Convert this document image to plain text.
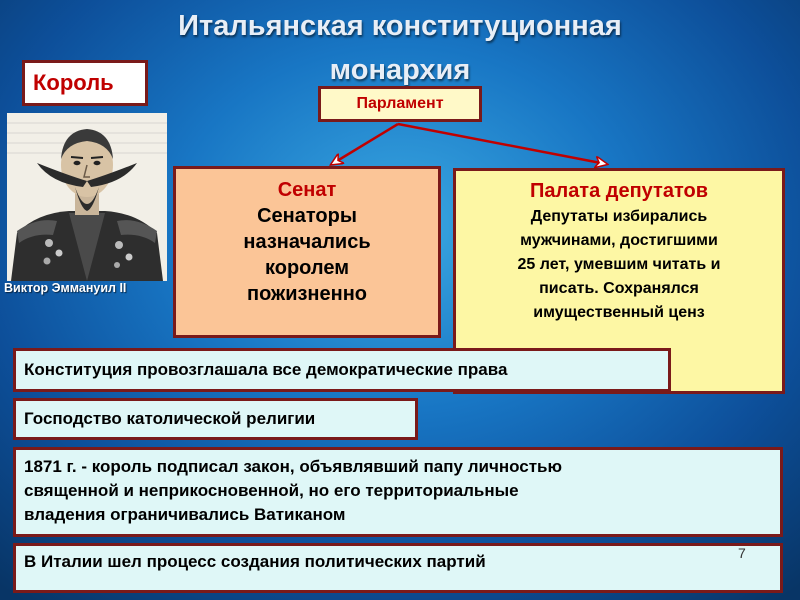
Итальянская конституционная
монархия
Король
Виктор Эммануил II
Парламент
Сенат
Сенаторы
назначались
королем
пожизненно
Палата депутатов
Депутаты избирались
мужчинами, достигшими
25 лет, умевшим читать и
писать. Сохранялся
имущественный ценз
Конституция провозглашала все демократические права
Господство католической религии
1871 г. - король подписал закон, объявлявший папу личностью
священной и неприкосновенной, но его территориальные
владения ограничивались Ватиканом
В Италии шел процесс создания политических партий	7
